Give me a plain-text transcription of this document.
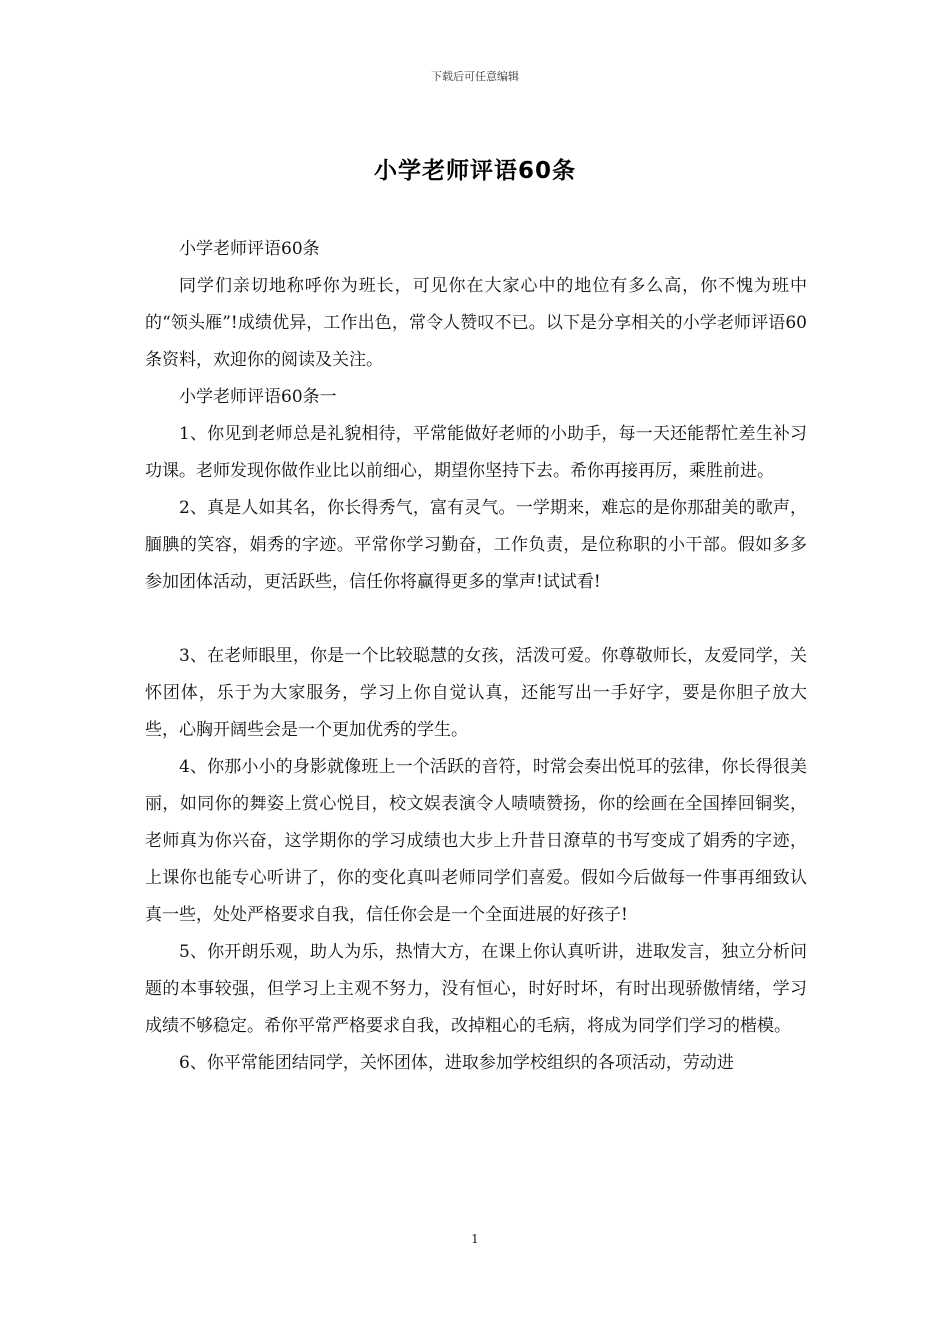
下载后可任意编辑
小学老师评语60条

小学老师评语60条

同学们亲切地称呼你为班长，可见你在大家心中的地位有多么高，你不愧为班中的“领头雁”!成绩优异，工作出色，常令人赞叹不已。以下是分享相关的小学老师评语60条资料，欢迎你的阅读及关注。

小学老师评语60条一

1、你见到老师总是礼貌相待，平常能做好老师的小助手，每一天还能帮忙差生补习功课。老师发现你做作业比以前细心，期望你坚持下去。希你再接再厉，乘胜前进。

2、真是人如其名，你长得秀气，富有灵气。一学期来，难忘的是你那甜美的歌声，腼腆的笑容，娟秀的字迹。平常你学习勤奋，工作负责，是位称职的小干部。假如多多参加团体活动，更活跃些，信任你将赢得更多的掌声!试试看!

3、在老师眼里，你是一个比较聪慧的女孩，活泼可爱。你尊敬师长，友爱同学，关怀团体，乐于为大家服务，学习上你自觉认真，还能写出一手好字，要是你胆子放大些，心胸开阔些会是一个更加优秀的学生。

4、你那小小的身影就像班上一个活跃的音符，时常会奏出悦耳的弦律，你长得很美丽，如同你的舞姿上赏心悦目，校文娱表演令人啧啧赞扬，你的绘画在全国捧回铜奖，老师真为你兴奋，这学期你的学习成绩也大步上升昔日潦草的书写变成了娟秀的字迹，上课你也能专心听讲了，你的变化真叫老师同学们喜爱。假如今后做每一件事再细致认真一些，处处严格要求自我，信任你会是一个全面进展的好孩子!

5、你开朗乐观，助人为乐，热情大方，在课上你认真听讲，进取发言，独立分析问题的本事较强，但学习上主观不努力，没有恒心，时好时坏，有时出现骄傲情绪，学习成绩不够稳定。希你平常严格要求自我，改掉粗心的毛病，将成为同学们学习的楷模。

6、你平常能团结同学，关怀团体，进取参加学校组织的各项活动，劳动进

1
